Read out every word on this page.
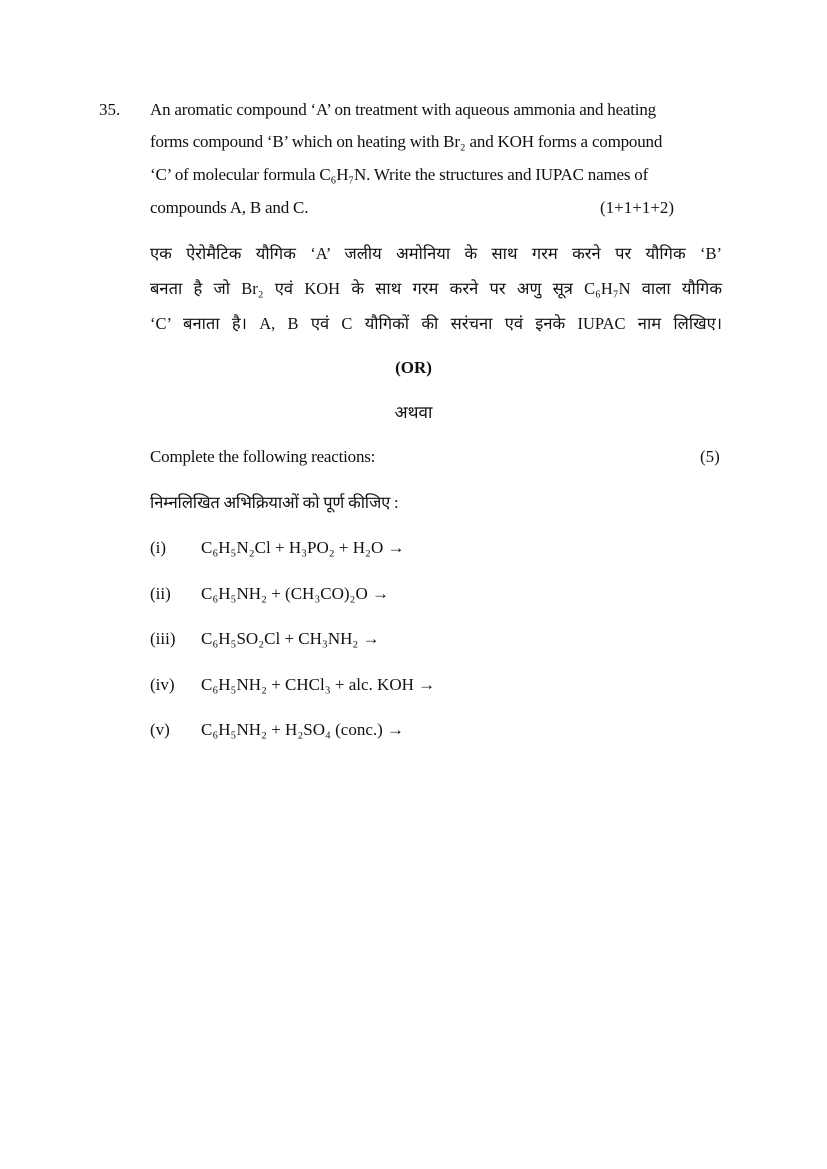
35. An aromatic compound ‘A’ on treatment with aqueous ammonia and heating
forms compound ‘B’ which on heating with Br₂ and KOH forms a compound
‘C’ of molecular formula C₆H₇N. Write the structures and IUPAC names of
compounds A, B and C.	(1+1+1+2)
एक ऐरोमैटिक यौगिक ‘A’ जलीय अमोनिया के साथ गरम करने पर यौगिक ‘B’
बनता है जो Br₂ एवं KOH के साथ गरम करने पर अणु सूत्र C₆H₇N वाला यौगिक
‘C’ बनाता है। A, B एवं C यौगिकों की सरंचना एवं इनके IUPAC नाम लिखिए।
(OR)
अथवा
Complete the following reactions:	(5)
निम्नलिखित अभिक्रियाओं को पूर्ण कीजिए :
(i) C₆H₅N₂Cl + H₃PO₂ + H₂O →
(ii) C₆H₅NH₂ + (CH₃CO)₂O →
(iii) C₆H₅SO₂Cl + CH₃NH₂ →
(iv) C₆H₅NH₂ + CHCl₃ + alc. KOH →
(v) C₆H₅NH₂ + H₂SO₄ (conc.) →
